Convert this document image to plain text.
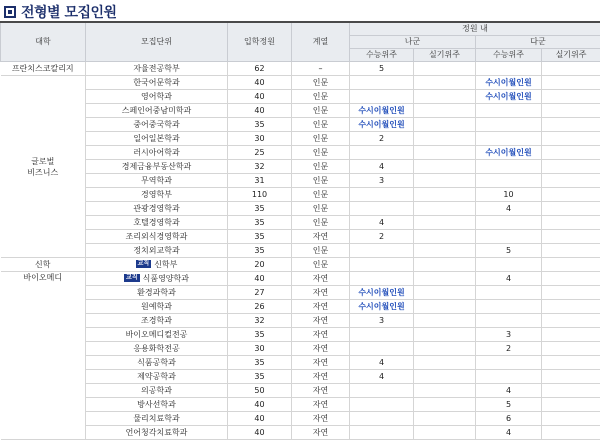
전형별 모집인원
대학	모집단위	입학정원	계열	정원 내			
				나군		다군	
				수능위주	실기위주	수능위주	실기위주
프란치스코칼리지	자율전공학부	62	–	5			
글로벌
비즈니스	한국어문학과	40	인문			수시이월인원	
	영어학과	40	인문			수시이월인원	
	스페인어중남미학과	40	인문	수시이월인원			
	중어중국학과	35	인문	수시이월인원			
	일어일본학과	30	인문	2			
	러시아어학과	25	인문			수시이월인원	
	경제금융부동산학과	32	인문	4			
	무역학과	31	인문	3			
	경영학부	110	인문			10	
	관광경영학과	35	인문			4	
	호텔경영학과	35	인문	4			
	조리외식경영학과	35	자연	2			
	정치외교학과	35	인문			5	
신학	교직 신학부	20	인문				
바이오메디	교직 식품영양학과	40	자연			4	
	환경과학과	27	자연	수시이월인원			
	원예학과	26	자연	수시이월인원			
	조경학과	32	자연	3			
	바이오메디컬전공	35	자연			3	
	응용화학전공	30	자연			2	
	식품공학과	35	자연	4			
	제약공학과	35	자연	4			
	의공학과	50	자연			4	
	방사선학과	40	자연			5	
	물리치료학과	40	자연			6	
	언어청각치료학과	40	자연			4	
